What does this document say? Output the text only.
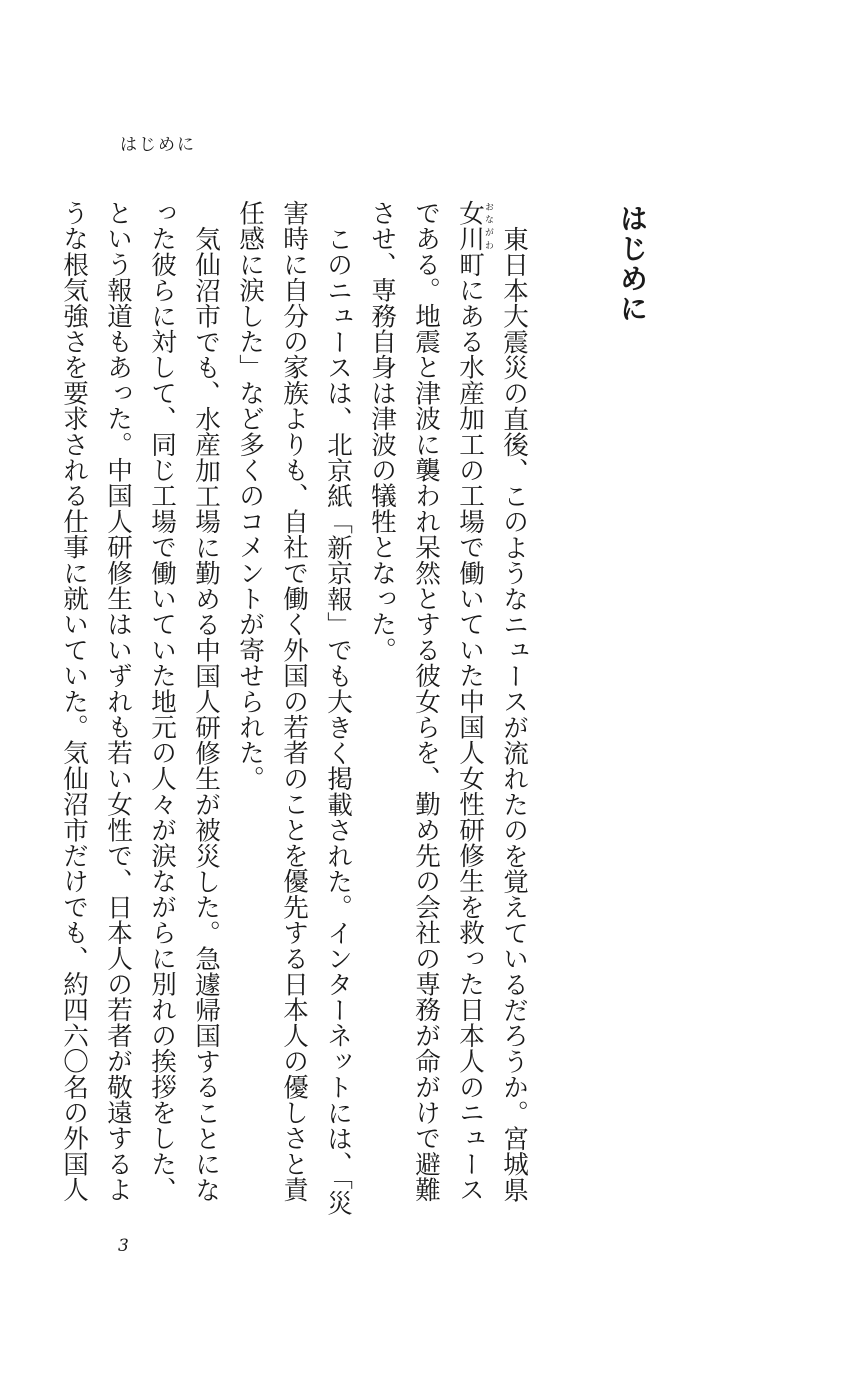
はじめに
はじめに

東日本大震災の直後、このようなニュースが流れたのを覚えているだろうか。宮城県女川おながわ町にある水産加工の工場で働いていた中国人女性研修生を救った日本人のニュースである。地震と津波に襲われ呆然とする彼女らを、勤め先の会社の専務が命がけで避難させ、専務自身は津波の犠牲となった。

このニュースは、北京紙「新京報」でも大きく掲載された。インターネットには、「災害時に自分の家族よりも、自社で働く外国の若者のことを優先する日本人の優しさと責任感に涙した」など多くのコメントが寄せられた。

気仙沼市でも、水産加工場に勤める中国人研修生が被災した。急遽帰国することになった彼らに対して、同じ工場で働いていた地元の人々が涙ながらに別れの挨拶をした、という報道もあった。中国人研修生はいずれも若い女性で、日本人の若者が敬遠するような根気強さを要求される仕事に就いていた。気仙沼市だけでも、約四六〇名の外国人

3
